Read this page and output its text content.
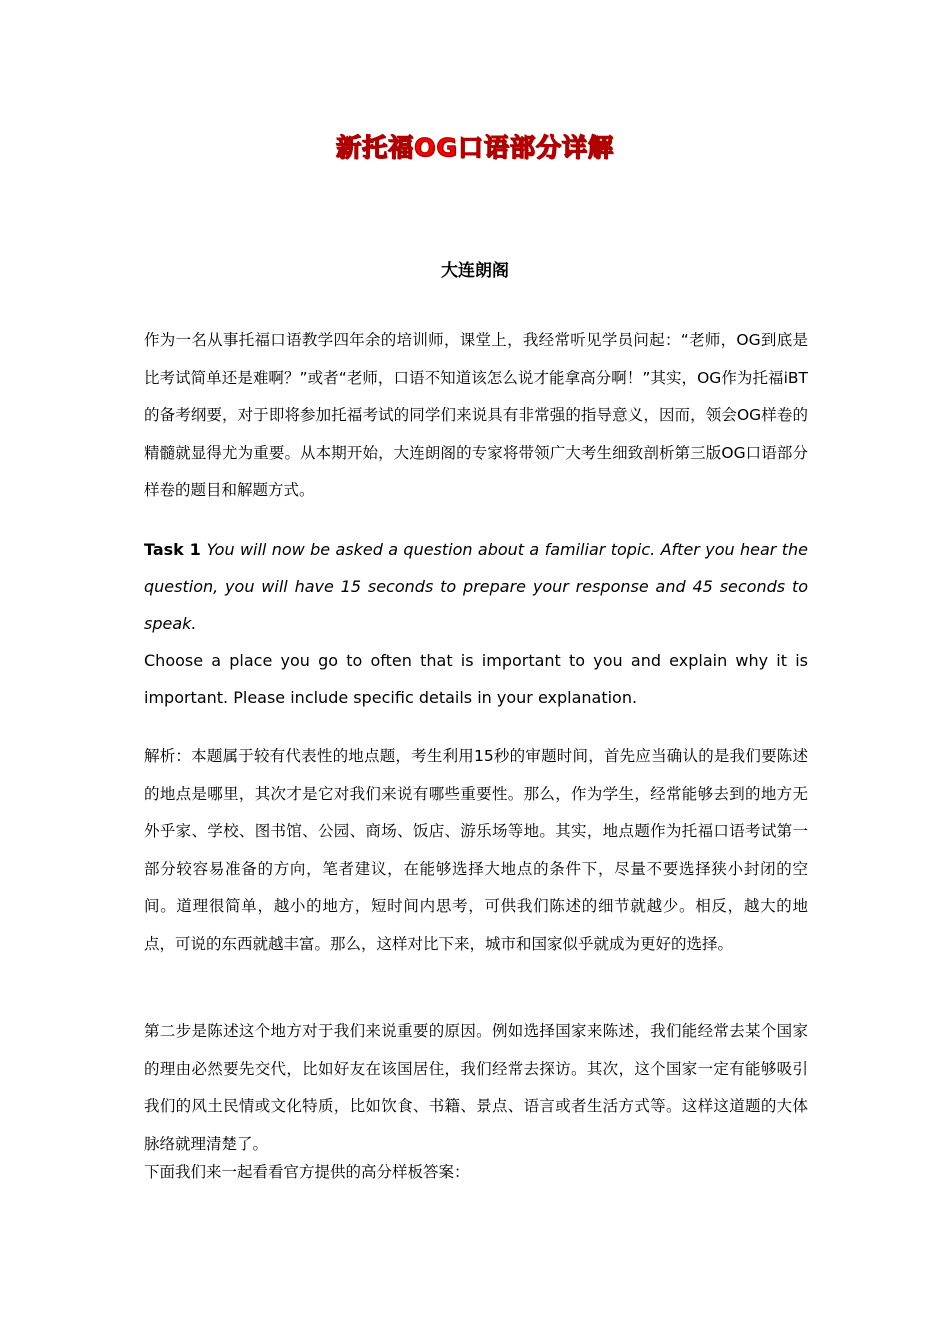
新托福OG口语部分详解
大连朗阁
作为一名从事托福口语教学四年余的培训师，课堂上，我经常听见学员问起：“老师，OG到底是比考试简单还是难啊？”或者“老师，口语不知道该怎么说才能拿高分啊！”其实，OG作为托福iBT的备考纲要，对于即将参加托福考试的同学们来说具有非常强的指导意义，因而，领会OG样卷的精髓就显得尤为重要。从本期开始，大连朗阁的专家将带领广大考生细致剖析第三版OG口语部分样卷的题目和解题方式。
Task 1 You will now be asked a question about a familiar topic. After you hear the question, you will have 15 seconds to prepare your response and 45 seconds to speak.
Choose a place you go to often that is important to you and explain why it is important. Please include specific details in your explanation.
解析：本题属于较有代表性的地点题，考生利用15秒的审题时间，首先应当确认的是我们要陈述的地点是哪里，其次才是它对我们来说有哪些重要性。那么，作为学生，经常能够去到的地方无外乎家、学校、图书馆、公园、商场、饭店、游乐场等地。其实，地点题作为托福口语考试第一部分较容易准备的方向，笔者建议，在能够选择大地点的条件下，尽量不要选择狭小封闭的空间。道理很简单，越小的地方，短时间内思考，可供我们陈述的细节就越少。相反，越大的地点，可说的东西就越丰富。那么，这样对比下来，城市和国家似乎就成为更好的选择。
第二步是陈述这个地方对于我们来说重要的原因。例如选择国家来陈述，我们能经常去某个国家的理由必然要先交代，比如好友在该国居住，我们经常去探访。其次，这个国家一定有能够吸引我们的风土民情或文化特质，比如饮食、书籍、景点、语言或者生活方式等。这样这道题的大体脉络就理清楚了。
下面我们来一起看看官方提供的高分样板答案：
